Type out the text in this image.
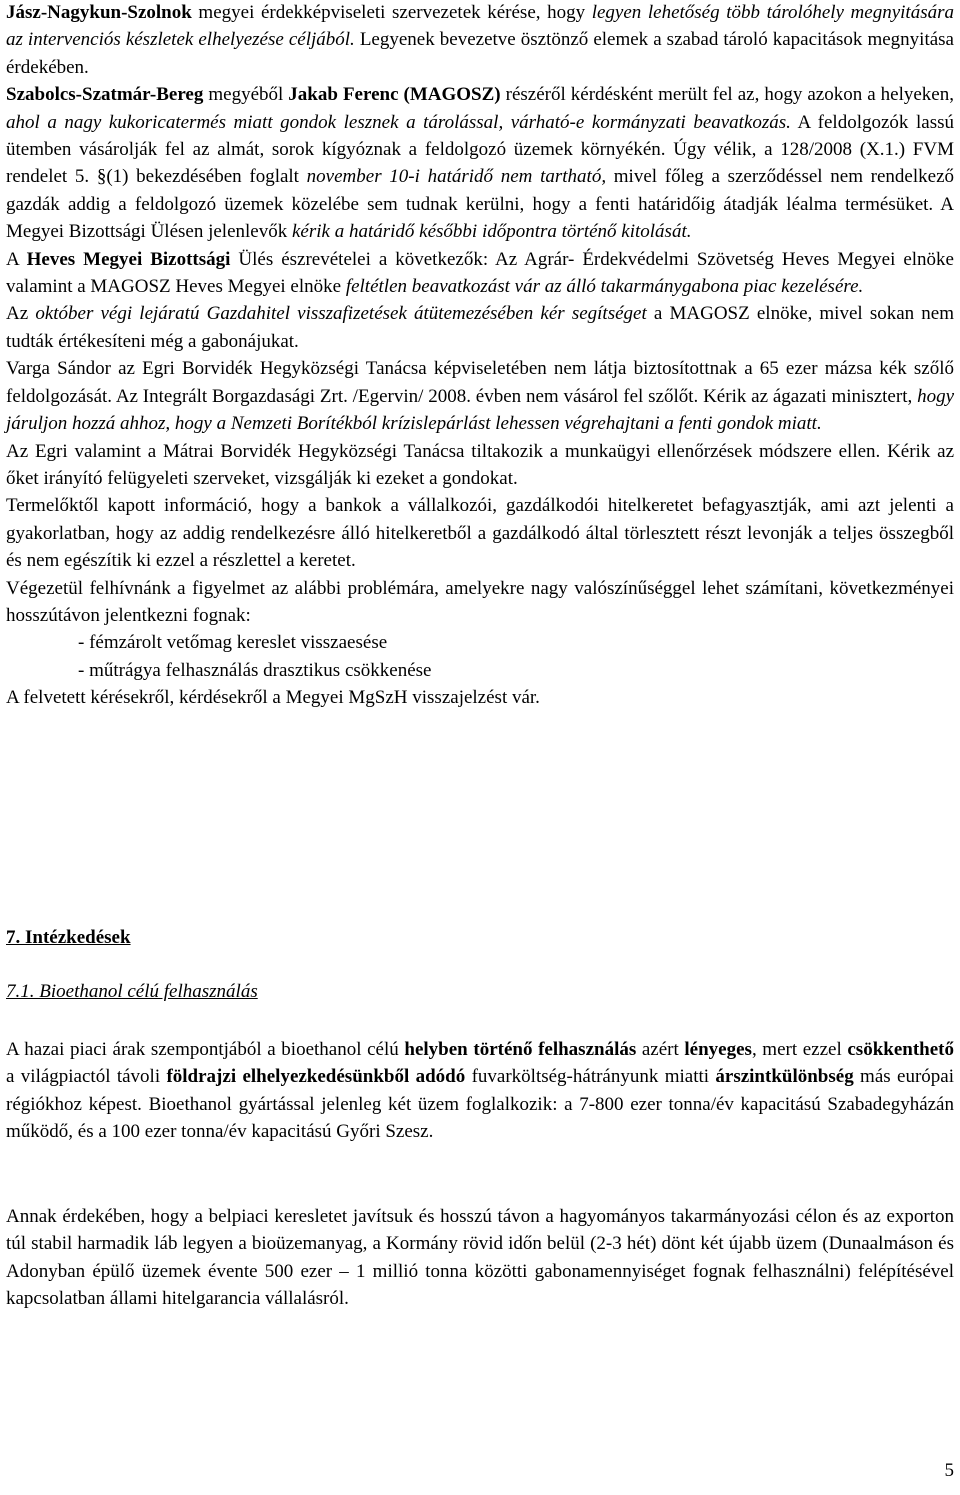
Jász-Nagykun-Szolnok megyei érdekképviseleti szervezetek kérése, hogy legyen lehetőség több tárolóhely megnyitására az intervenciós készletek elhelyezése céljából. Legyenek bevezetve ösztönző elemek a szabad tároló kapacitások megnyitása érdekében.

Szabolcs-Szatmár-Bereg megyéből Jakab Ferenc (MAGOSZ) részéről kérdésként merült fel az, hogy azokon a helyeken, ahol a nagy kukoricatermés miatt gondok lesznek a tárolással, várható-e kormányzati beavatkozás. A feldolgozók lassú ütemben vásárolják fel az almát, sorok kígyóznak a feldolgozó üzemek környékén. Úgy vélik, a 128/2008 (X.1.) FVM rendelet 5. §(1) bekezdésében foglalt november 10-i határidő nem tartható, mivel főleg a szerződéssel nem rendelkező gazdák addig a feldolgozó üzemek közelébe sem tudnak kerülni, hogy a fenti határidőig átadják léalma termésüket. A Megyei Bizottsági Ülésen jelenlevők kérik a határidő későbbi időpontra történő kitolását.

A Heves Megyei Bizottsági Ülés észrevételei a következők: Az Agrár- Érdekvédelmi Szövetség Heves Megyei elnöke valamint a MAGOSZ Heves Megyei elnöke feltétlen beavatkozást vár az álló takarmánygabona piac kezelésére.

Az október végi lejáratú Gazdahitel visszafizetések átütemezésében kér segítséget a MAGOSZ elnöke, mivel sokan nem tudták értékesíteni még a gabonájukat.

Varga Sándor az Egri Borvidék Hegyközségi Tanácsa képviseletében nem látja biztosítottnak a 65 ezer mázsa kék szőlő feldolgozását. Az Integrált Borgazdasági Zrt. /Egervin/ 2008. évben nem vásárol fel szőlőt. Kérik az ágazati minisztert, hogy járuljon hozzá ahhoz, hogy a Nemzeti Borítékból krízislepárlást lehessen végrehajtani a fenti gondok miatt.

Az Egri valamint a Mátrai Borvidék Hegyközségi Tanácsa tiltakozik a munkaügyi ellenőrzések módszere ellen. Kérik az őket irányító felügyeleti szerveket, vizsgálják ki ezeket a gondokat.

Termelőktől kapott információ, hogy a bankok a vállalkozói, gazdálkodói hitelkeretet befagyasztják, ami azt jelenti a gyakorlatban, hogy az addig rendelkezésre álló hitelkeretből a gazdálkodó által törlesztett részt levonják a teljes összegből és nem egészítik ki ezzel a részlettel a keretet.

Végezetül felhívnánk a figyelmet az alábbi problémára, amelyekre nagy valószínűséggel lehet számítani, következményei hosszútávon jelentkezni fognak:

- fémzárolt vetőmag kereslet visszaesése

- műtrágya felhasználás drasztikus csökkenése

A felvetett kérésekről, kérdésekről a Megyei MgSzH visszajelzést vár.

7. Intézkedések

7.1. Bioethanol célú felhasználás

A hazai piaci árak szempontjából a bioethanol célú helyben történő felhasználás azért lényeges, mert ezzel csökkenthető a világpiactól távoli földrajzi elhelyezkedésünkből adódó fuvarköltség-hátrányunk miatti árszintkülönbség más európai régiókhoz képest. Bioethanol gyártással jelenleg két üzem foglalkozik: a 7-800 ezer tonna/év kapacitású Szabadegyházán működő, és a 100 ezer tonna/év kapacitású Győri Szesz.

Annak érdekében, hogy a belpiaci keresletet javítsuk és hosszú távon a hagyományos takarmányozási célon és az exporton túl stabil harmadik láb legyen a bioüzemanyag, a Kormány rövid időn belül (2-3 hét) dönt két újabb üzem (Dunaalmáson és Adonyban épülő üzemek évente 500 ezer – 1 millió tonna közötti gabonamennyiséget fognak felhasználni) felépítésével kapcsolatban állami hitelgarancia vállalásról.

5
